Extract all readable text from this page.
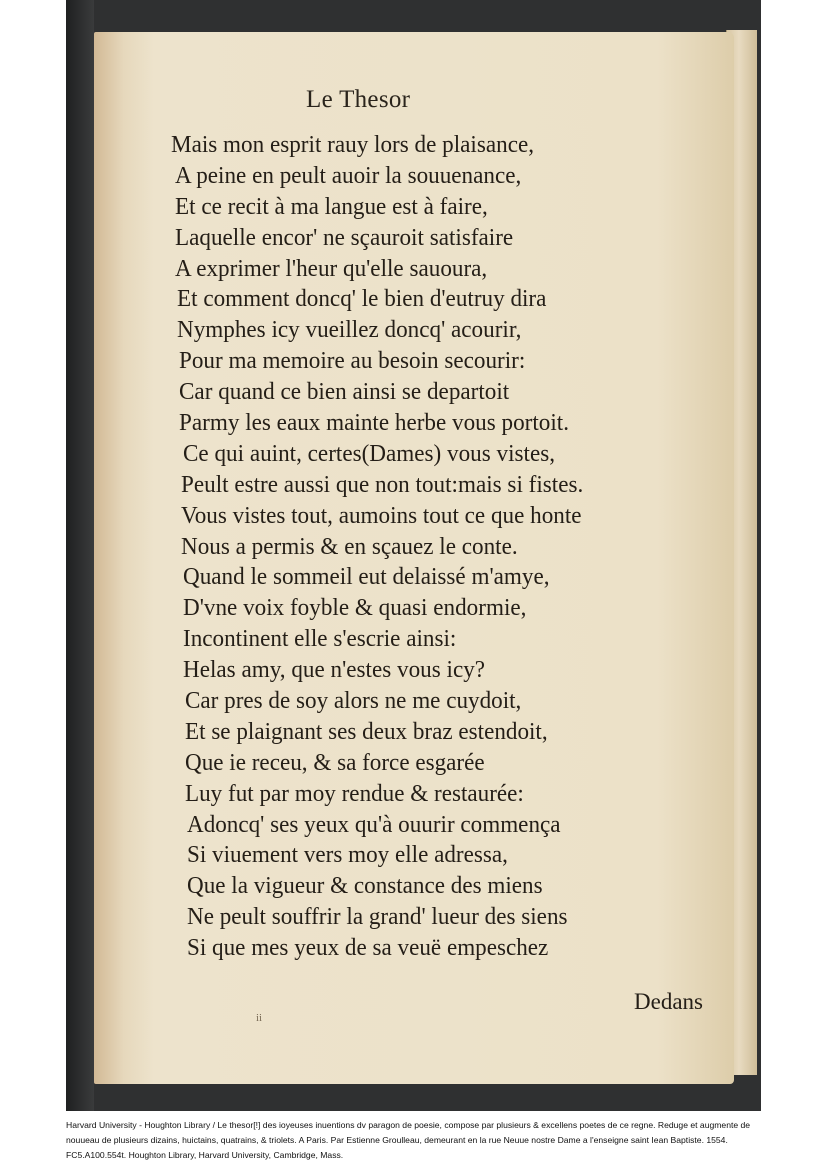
Le Thesor
Mais mon esprit rauy lors de plaisance,
A peine en peult auoir la souuenance,
Et ce recit à ma langue est à faire,
Laquelle encor' ne sçauroit satisfaire
A exprimer l'heur qu'elle sauoura,
Et comment doncq' le bien d'eutruy dira
Nymphes icy vueillez doncq' acourir,
Pour ma memoire au besoin secourir:
Car quand ce bien ainsi se departoit
Parmy les eaux mainte herbe vous portoit.
Ce qui auint, certes(Dames) vous vistes,
Peult estre aussi que non tout:mais si fistes.
Vous vistes tout, aumoins tout ce que honte
Nous a permis & en sçauez le conte.
Quand le sommeil eut delaissé m'amye,
D'vne voix foyble & quasi endormie,
Incontinent elle s'escrie ainsi:
Helas amy, que n'estes vous icy?
Car pres de soy alors ne me cuydoit,
Et se plaignant ses deux braz estendoit,
Que ie receu, & sa force esgarée
Luy fut par moy rendue & restaurée:
Adoncq' ses yeux qu'à ouurir commença
Si viuement vers moy elle adressa,
Que la vigueur & constance des miens
Ne peult souffrir la grand' lueur des siens
Si que mes yeux de sa veuë empeschez
Dedans
ii

Harvard University - Houghton Library / Le thesor[!] des ioyeuses inuentions dv paragon de poesie, compose par plusieurs & excellens poetes de ce regne. Reduge et augmente de nouueau de plusieurs dizains, huictains, quatrains, & triolets. A Paris. Par Estienne Groulleau, demeurant en la rue Neuue nostre Dame a l'enseigne saint Iean Baptiste. 1554. FC5.A100.554t. Houghton Library, Harvard University, Cambridge, Mass.
